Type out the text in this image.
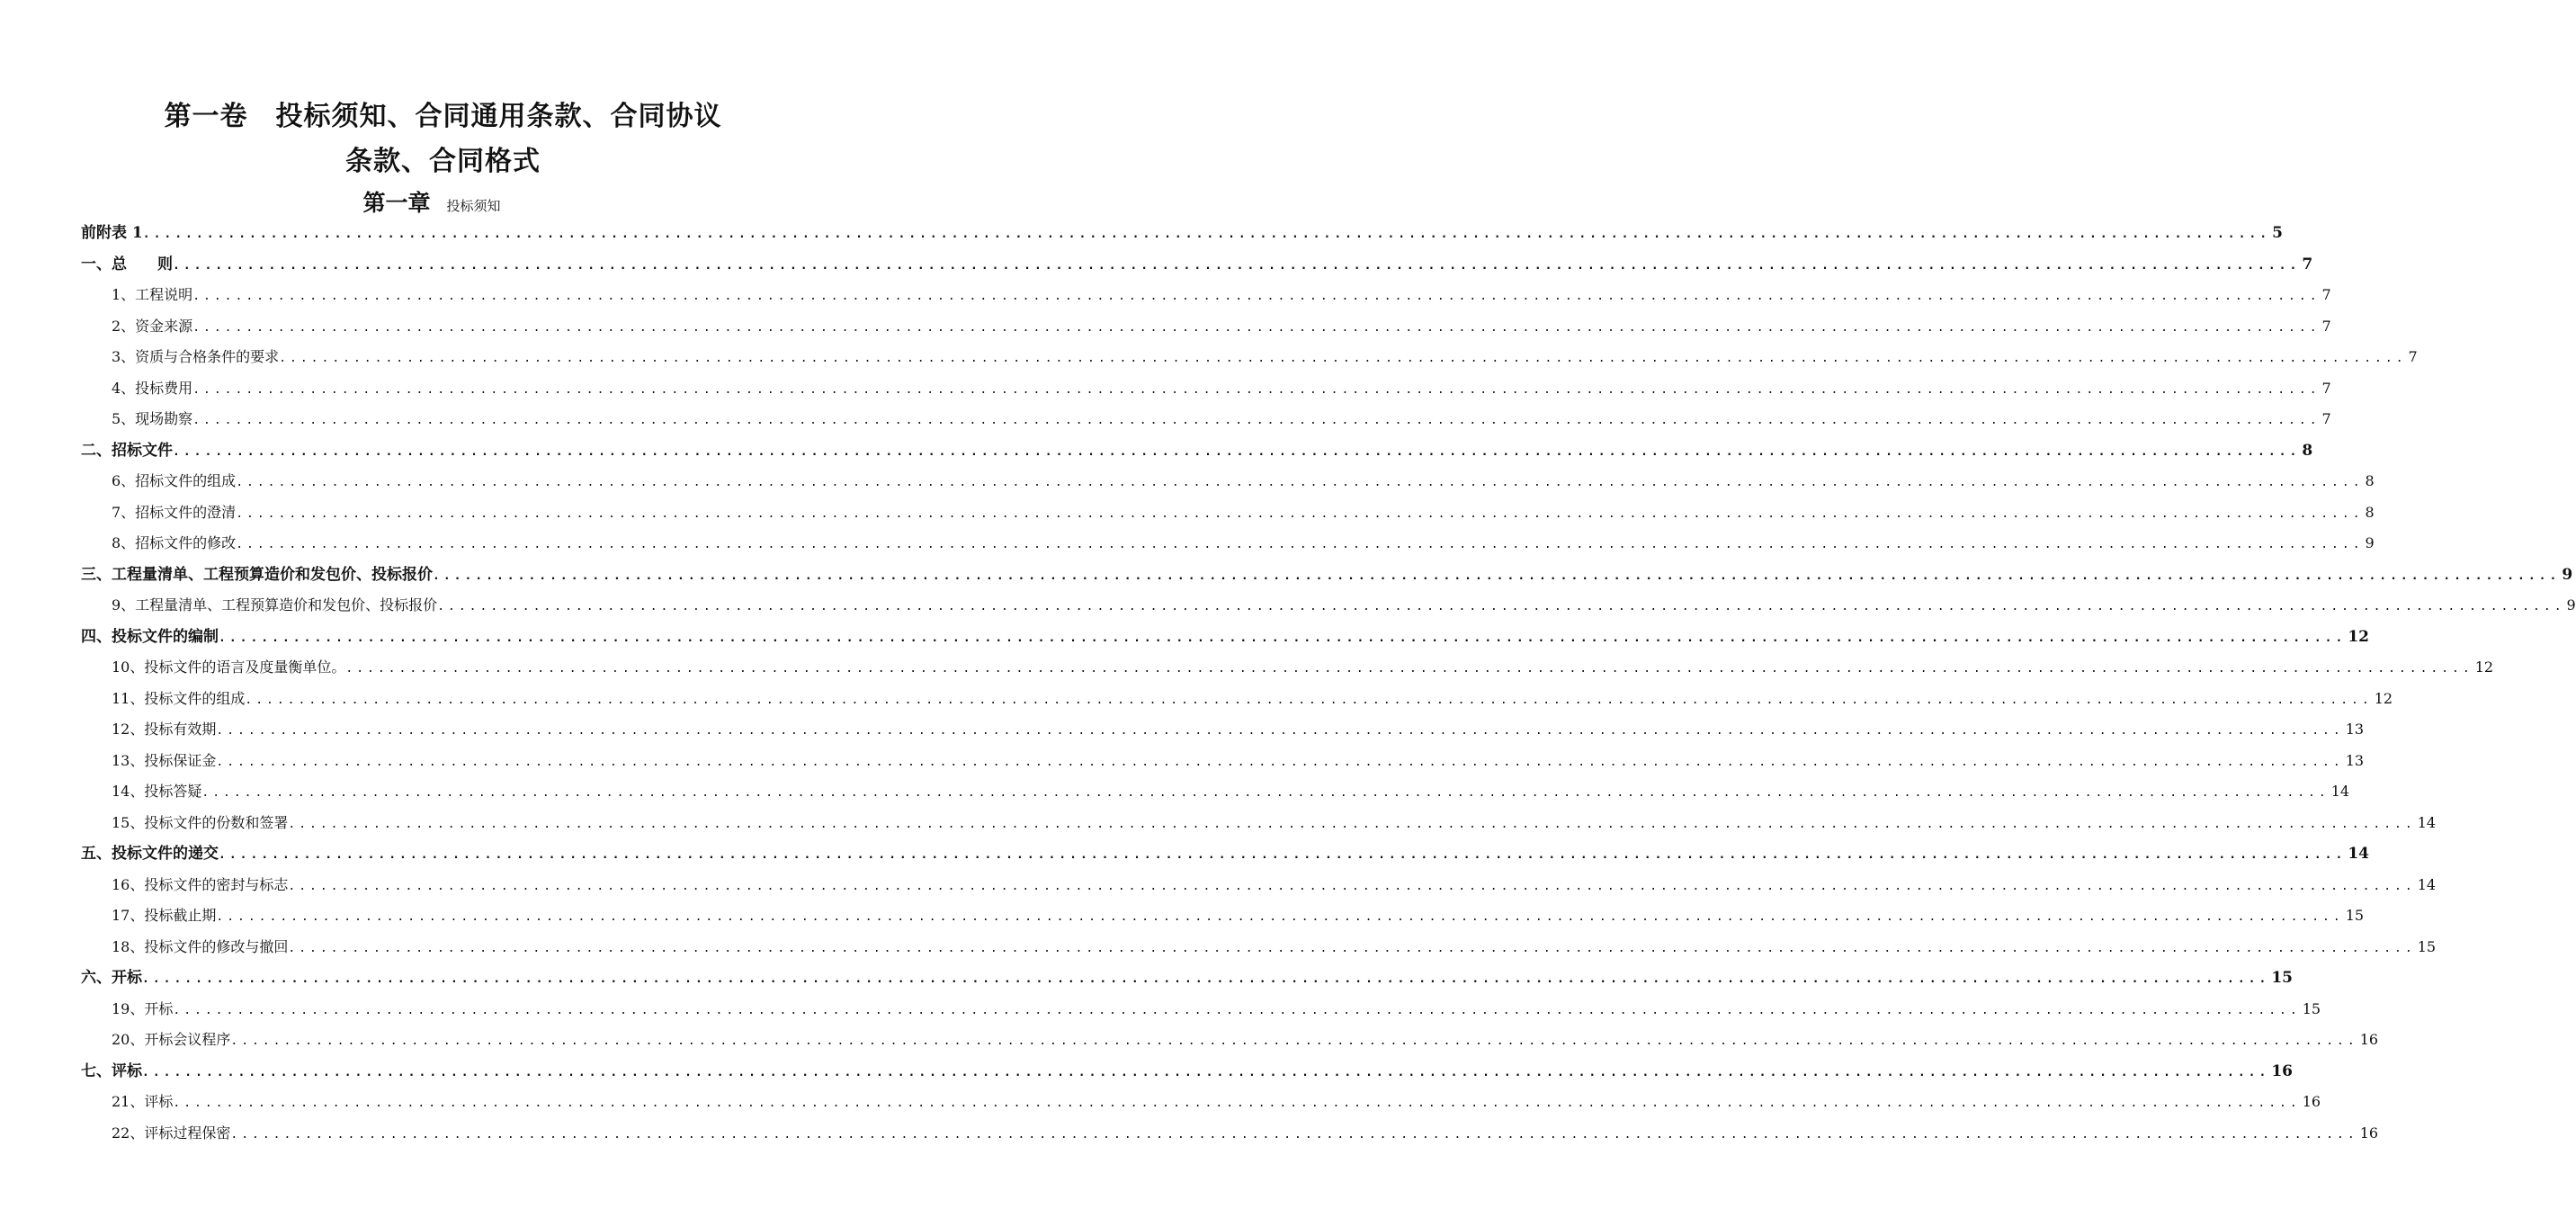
第一卷　投标须知、合同通用条款、合同协议
条款、合同格式
第一章 投标须知
前附表 1 ........................................................................................................................................................................................................ 5
一、总　　则 ........................................................................................................................................................................................................ 7
1、工程说明 ........................................................................................................................................................................................................ 7
2、资金来源 ........................................................................................................................................................................................................ 7
3、资质与合格条件的要求 ........................................................................................................................................................................................................ 7
4、投标费用 ........................................................................................................................................................................................................ 7
5、现场勘察 ........................................................................................................................................................................................................ 7
二、招标文件 ........................................................................................................................................................................................................ 8
6、招标文件的组成 ........................................................................................................................................................................................................ 8
7、招标文件的澄清 ........................................................................................................................................................................................................ 8
8、招标文件的修改 ........................................................................................................................................................................................................ 9
三、工程量清单、工程预算造价和发包价、投标报价 ........................................................................................................................................................................................................ 9
9、工程量清单、工程预算造价和发包价、投标报价 ........................................................................................................................................................................................................ 9
四、投标文件的编制 ........................................................................................................................................................................................................ 12
10、投标文件的语言及度量衡单位。 ........................................................................................................................................................................................................ 12
11、投标文件的组成 ........................................................................................................................................................................................................ 12
12、投标有效期 ........................................................................................................................................................................................................ 13
13、投标保证金 ........................................................................................................................................................................................................ 13
14、投标答疑 ........................................................................................................................................................................................................ 14
15、投标文件的份数和签署 ........................................................................................................................................................................................................ 14
五、投标文件的递交 ........................................................................................................................................................................................................ 14
16、投标文件的密封与标志 ........................................................................................................................................................................................................ 14
17、投标截止期 ........................................................................................................................................................................................................ 15
18、投标文件的修改与撤回 ........................................................................................................................................................................................................ 15
六、开标 ........................................................................................................................................................................................................ 15
19、开标 ........................................................................................................................................................................................................ 15
20、开标会议程序 ........................................................................................................................................................................................................ 16
七、评标 ........................................................................................................................................................................................................ 16
21、评标 ........................................................................................................................................................................................................ 16
22、评标过程保密 ........................................................................................................................................................................................................ 16
